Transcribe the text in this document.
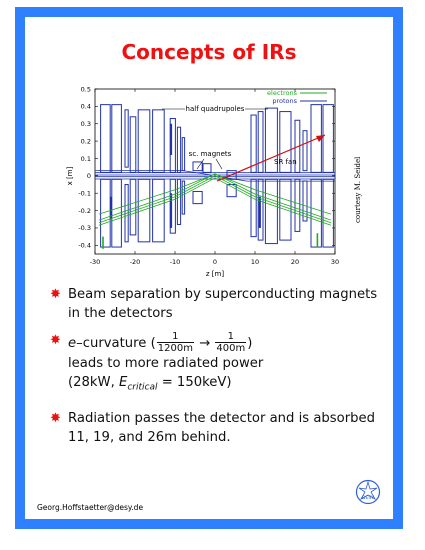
Concepts of IRs
-30	-20	-10	0	10	20	30
0.5
0.4
0.3
0.2
0.1
0
-0.1
-0.2
-0.3
-0.4
electrons
protons
half quadrupoles
sc. magnets
SR fan	courtesy M. Seidel
x [m]
z [m]
✸ Beam separation by superconducting magnets in the detectors
✸ e–curvature ( $\frac{1}{1200m} \to \frac{1}{400m}$ )
leads to more radiated power
(28kW, $E_{critical} = 150keV$)
✸ Radiation passes the detector and is absorbed 11, 19, and 26m behind.
Georg.Hoffstaetter@desy.de
DESY
